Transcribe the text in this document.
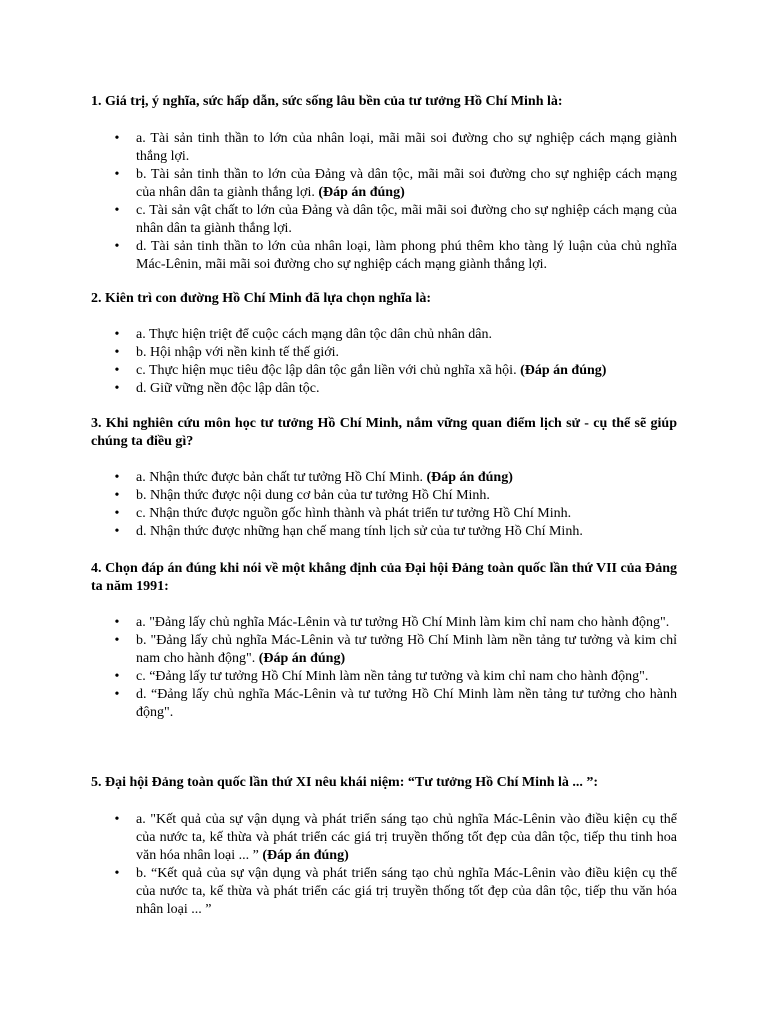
1. Giá trị, ý nghĩa, sức hấp dẫn, sức sống lâu bền của tư tưởng Hồ Chí Minh là:

• a. Tài sản tinh thần to lớn của nhân loại, mãi mãi soi đường cho sự nghiệp cách mạng giành thắng lợi.
• b. Tài sản tinh thần to lớn của Đảng và dân tộc, mãi mãi soi đường cho sự nghiệp cách mạng của nhân dân ta giành thắng lợi. (Đáp án đúng)
• c. Tài sản vật chất to lớn của Đảng và dân tộc, mãi mãi soi đường cho sự nghiệp cách mạng của nhân dân ta giành thắng lợi.
• d. Tài sản tinh thần to lớn của nhân loại, làm phong phú thêm kho tàng lý luận của chủ nghĩa Mác-Lênin, mãi mãi soi đường cho sự nghiệp cách mạng giành thắng lợi.

2. Kiên trì con đường Hồ Chí Minh đã lựa chọn nghĩa là:

• a. Thực hiện triệt để cuộc cách mạng dân tộc dân chủ nhân dân.
• b. Hội nhập với nền kinh tế thế giới.
• c. Thực hiện mục tiêu độc lập dân tộc gắn liền với chủ nghĩa xã hội. (Đáp án đúng)
• d. Giữ vững nền độc lập dân tộc.

3. Khi nghiên cứu môn học tư tưởng Hồ Chí Minh, nắm vững quan điểm lịch sử - cụ thể sẽ giúp chúng ta điều gì?

• a. Nhận thức được bản chất tư tưởng Hồ Chí Minh. (Đáp án đúng)
• b. Nhận thức được nội dung cơ bản của tư tưởng Hồ Chí Minh.
• c. Nhận thức được nguồn gốc hình thành và phát triển tư tưởng Hồ Chí Minh.
• d. Nhận thức được những hạn chế mang tính lịch sử của tư tưởng Hồ Chí Minh.

4. Chọn đáp án đúng khi nói về một khẳng định của Đại hội Đảng toàn quốc lần thứ VII của Đảng ta năm 1991:

• a. "Đảng lấy chủ nghĩa Mác-Lênin và tư tưởng Hồ Chí Minh làm kim chỉ nam cho hành động".
• b. "Đảng lấy chủ nghĩa Mác-Lênin và tư tưởng Hồ Chí Minh làm nền tảng tư tưởng và kim chỉ nam cho hành động". (Đáp án đúng)
• c. “Đảng lấy tư tưởng Hồ Chí Minh làm nền tảng tư tưởng và kim chỉ nam cho hành động".
• d. “Đảng lấy chủ nghĩa Mác-Lênin và tư tưởng Hồ Chí Minh làm nền tảng tư tưởng cho hành động".

5. Đại hội Đảng toàn quốc lần thứ XI nêu khái niệm: “Tư tưởng Hồ Chí Minh là ... ”:

• a. "Kết quả của sự vận dụng và phát triển sáng tạo chủ nghĩa Mác-Lênin vào điều kiện cụ thể của nước ta, kế thừa và phát triển các giá trị truyền thống tốt đẹp của dân tộc, tiếp thu tinh hoa văn hóa nhân loại ... ” (Đáp án đúng)
• b. “Kết quả của sự vận dụng và phát triển sáng tạo chủ nghĩa Mác-Lênin vào điều kiện cụ thể của nước ta, kế thừa và phát triển các giá trị truyền thống tốt đẹp của dân tộc, tiếp thu văn hóa nhân loại ... ”
